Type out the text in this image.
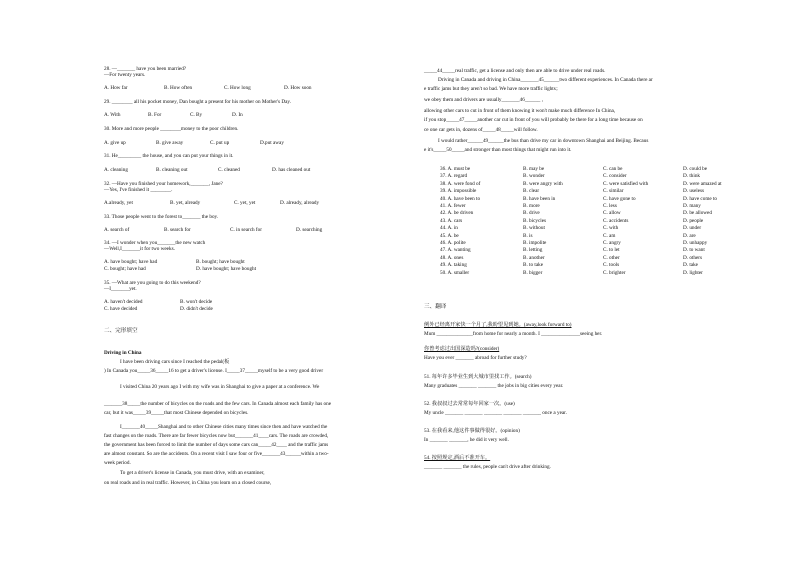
28. —_______ have you been married?
—For twenty years.
A. How far	B. How often	C. How long	D. How soon
29. ________ all his pocket money, Dan bought a present for his mother on Mother's Day.
A. With	B. For	C. By	D. In
30. More and more people ________money to the poor children.
A. give up	B. give away	C. put up	D.put away
31. He_________ the house, and you can put your things in it.
A. cleaning	B. cleaning out	C. cleaned	D. has cleaned out
32. —Have you finished your homework,_______, Jane?
—Yes, I've finished it ________.
A.already, yet	B. yet, already	C. yet, yet	D. already, already
33. Those people went to the forest to_______ the boy.
A. search of	B. search for	C. in search for	D. searching
34. —I wonder when you_______the new watch
—Well,I_______it for two weeks.
A. have bought; have had	B. bought; have bought
C. bought; have had	D. have bought; have bought
35. —What are you going to do this weekend?
—I_______yet.
A. haven't decided	B. won't decide
C. have decided	D. didn't decide
二、完形填空
Driving in China
I have been driving cars since I reached the pedal(板
) In Canada you_____36_____16 to get a driver's license. I_____37_____myself to be a very good driver
I visited China 20 years ago I with my wife was in Shanghai to give a paper at a conference. We
_______38_____the number of bicycles on the roads and the few cars. In Canada almost each family has one
car, but it was_____39_____that most Chinese depended on bicycles.
I_______40_____Shanghai and to other Chinese cities many times since then and have watched the
fast changes on the roads. There are far fewer bicycles now but_______41____cars. The roads are crowded,
the government has been forced to limit the number of days some cars can_____42____ and the traffic jams
are almost constant. So are the accidents. On a recent visit I saw four or five_______43______within a two-
week period.
To get a driver's license in Canada, you must drive, with an examiner,
on real roads and in real traffic. However, in China you learn on a closed course,
_____44_____real traffic, get a license and only then are able to drive under real roads.
Driving in Canada and driving in China_______45______two different experiences. In Canada there ar
e traffic jams but they aren't so bad. We have more traffic lights；
we obey them and drivers are usually_______46______ ,
allowing other cars to cut in front of them knowing it won't make much difference In China,
if you stop_____47_____another car cut in front of you will probably be there for a long time because on
ce one car gets in, dozens of_____48_____will follow.
I would rather______49______the bus than drive my car in downtown Shanghai and Beijing. Becaus
e it's_____50_____and stronger than most things that might run into it.
36. A. must be	B. may be	C. can be	D. could be
37. A. regard	B. wonder	C. consider	D. think
38. A. were fond of	B. were angry with	C. were satisfied with	D. were amazed at
39. A. impossible	B. clear	C. similar	D. useless
40. A. have been to	B. have been in	C. have gone to	D. have come to
41. A. fewer	B. more	C. less	D. many
42. A. be driven	B. drive	C. allow	D. be allowed
43. A. cars	B. bicycles	C. accidents	D. people
44. A. in	B. without	C. with	D. under
45. A. be	B. is	C. am	D. are
46. A. polite	B. impolite	C. angry	D. unhappy
47. A. wanting	B. letting	C. to let	D. to want
48. A. ones	B. another	C. other	D. others
49. A. taking	B. to take	C. tools	D. take
50. A. smaller	B. bigger	C. brighter	D. lighter
三、翻译
例外已经离开家快一个月了,我盼望见到她。(away,look forward to)
Mum ______________from home for nearly a month. I _______________seeing her.
你曾考虑过出国深造吗?(consider)
Have you ever _______ abroad for further study?
51. 每年许多毕业生到大城市里找工作。(search)
Many graduates _______ _______ the jobs in big cities every year.
52. 我叔叔过去常常每年回家一次。(use)
My uncle _______ _______ _______ _______ _______ once a year.
53. 在我看来,他这件事做得很好。(opinion)
In _______ _______, he did it very well.
54. 按照规定,酒后不准开车。
_______ _______ the rules, people can't drive after drinking.
